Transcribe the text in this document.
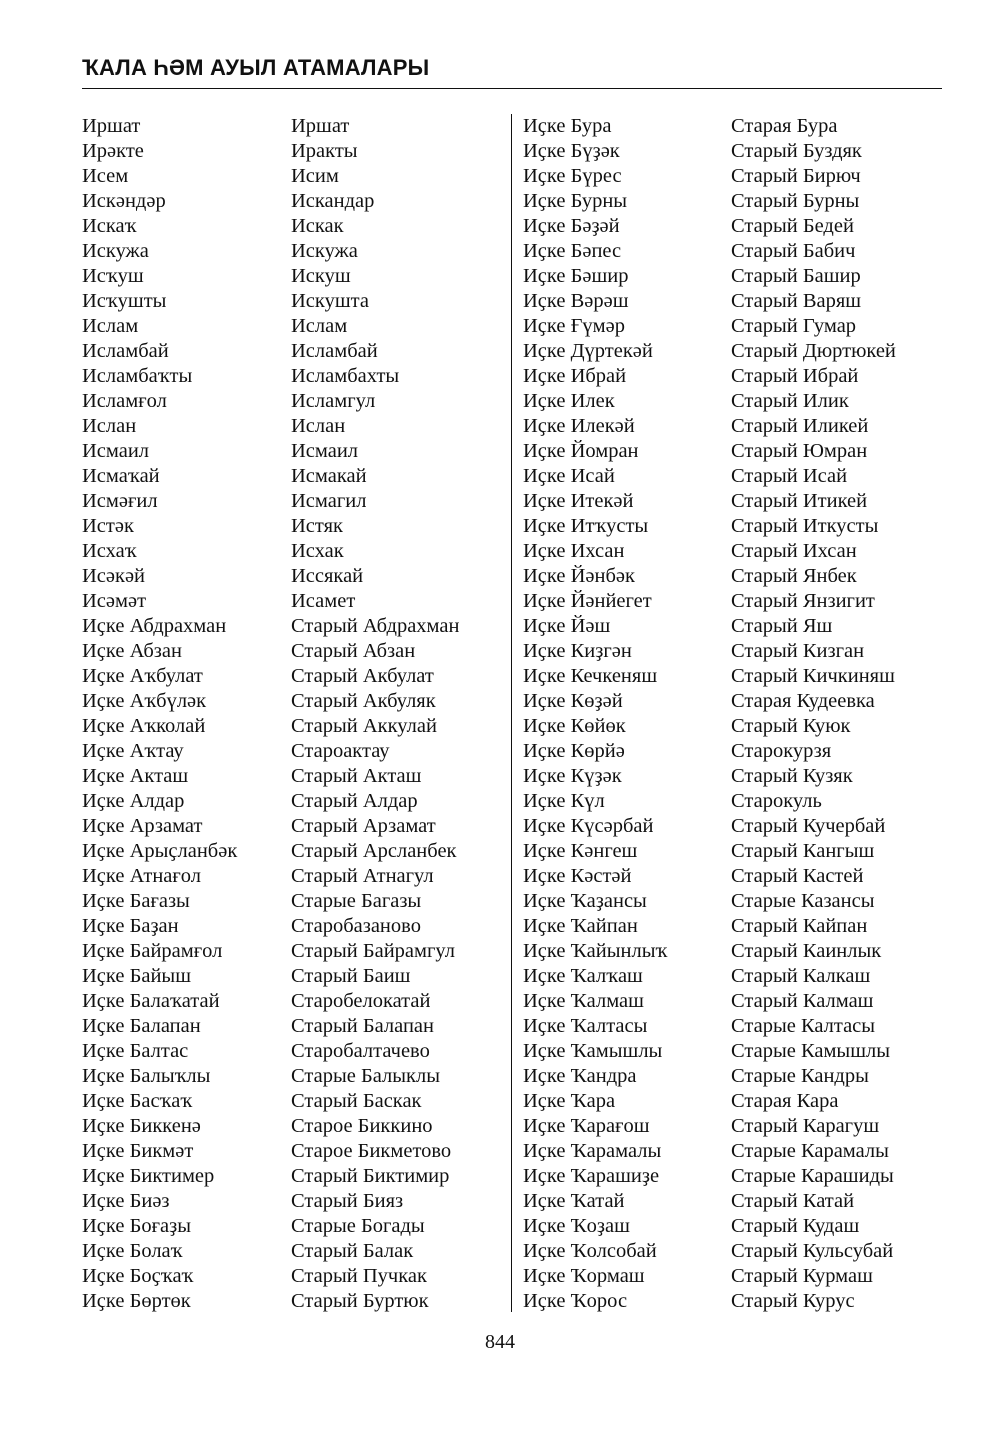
ҠАЛА ҺӘМ АУЫЛ АТАМАЛАРЫ
Иршат
Ирәкте
Исем
Искәндәр
Искаҡ
Искужа
Исҡуш
Исҡушты
Ислам
Исламбай
Исламбаҡты
Исламғол
Ислан
Исмаил
Исмаҡай
Исмәғил
Истәк
Исхаҡ
Исәкәй
Исәмәт
Иҫке Абдрахман
Иҫке Абзан
Иҫке Аҡбулат
Иҫке Аҡбүләк
Иҫке Аҡколай
Иҫке Аҡтау
Иҫке Акташ
Иҫке Алдар
Иҫке Арзамат
Иҫке Арыҫланбәк
Иҫке Атнағол
Иҫке Бағазы
Иҫке Баҙан
Иҫке Байрамғол
Иҫке Байыш
Иҫке Балаҡатай
Иҫке Балапан
Иҫке Балтас
Иҫке Балыҡлы
Иҫке Басҡаҡ
Иҫке Биккенә
Иҫке Бикмәт
Иҫке Биктимер
Иҫке Биәз
Иҫке Боғаҙы
Иҫке Болаҡ
Иҫке Боҫҡаҡ
Иҫке Бөртөк
Иршат
Иракты
Исим
Искандар
Искак
Искужа
Искуш
Искушта
Ислам
Исламбай
Исламбахты
Исламгул
Ислан
Исмаил
Исмакай
Исмагил
Истяк
Исхак
Иссякай
Исамет
Старый Абдрахман
Старый Абзан
Старый Акбулат
Старый Акбуляк
Старый Аккулай
Староактау
Старый Акташ
Старый Алдар
Старый Арзамат
Старый Арсланбек
Старый Атнагул
Старые Багазы
Старобазаново
Старый Байрамгул
Старый Баиш
Старобелокатай
Старый Балапан
Старобалтачево
Старые Балыклы
Старый Баскак
Старое Биккино
Старое Бикметово
Старый Биктимир
Старый Бияз
Старые Богады
Старый Балак
Старый Пучкак
Старый Буртюк
Иҫке Бура
Иҫке Бүҙәк
Иҫке Бүрес
Иҫке Бурны
Иҫке Бәҙәй
Иҫке Бәпес
Иҫке Бәшир
Иҫке Вәрәш
Иҫке Ғүмәр
Иҫке Дүртекәй
Иҫке Ибрай
Иҫке Илек
Иҫке Илекәй
Иҫке Йомран
Иҫке Исай
Иҫке Итекәй
Иҫке Итҡусты
Иҫке Ихсан
Иҫке Йәнбәк
Иҫке Йәнйегет
Иҫке Йәш
Иҫке Киҙгән
Иҫке Кечкеняш
Иҫке Көҙәй
Иҫке Көйөк
Иҫке Көрйә
Иҫке Күҙәк
Иҫке Күл
Иҫке Күсәрбай
Иҫке Кәнгеш
Иҫке Кәстәй
Иҫке Ҡаҙансы
Иҫке Ҡайпан
Иҫке Ҡайынлыҡ
Иҫке Ҡалҡаш
Иҫке Ҡалмаш
Иҫке Ҡалтасы
Иҫке Ҡамышлы
Иҫке Ҡандра
Иҫке Ҡара
Иҫке Ҡарағош
Иҫке Ҡарамалы
Иҫке Ҡарашиҙе
Иҫке Ҡатай
Иҫке Ҡоҙаш
Иҫке Ҡолсобай
Иҫке Ҡормаш
Иҫке Ҡорос
Старая Бура
Старый Буздяк
Старый Бирюч
Старый Бурны
Старый Бедей
Старый Бабич
Старый Башир
Старый Варяш
Старый Гумар
Старый Дюртюкей
Старый Ибрай
Старый Илик
Старый Иликей
Старый Юмран
Старый Исай
Старый Итикей
Старый Иткусты
Старый Ихсан
Старый Янбек
Старый Янзигит
Старый Яш
Старый Кизган
Старый Кичкиняш
Старая Кудеевка
Старый Куюк
Старокурзя
Старый Кузяк
Старокуль
Старый Кучербай
Старый Кангыш
Старый Кастей
Старые Казансы
Старый Кайпан
Старый Каинлык
Старый Калкаш
Старый Калмаш
Старые Калтасы
Старые Камышлы
Старые Кандры
Старая Кара
Старый Карагуш
Старые Карамалы
Старые Карашиды
Старый Катай
Старый Кудаш
Старый Кульсубай
Старый Курмаш
Старый Курус
844
